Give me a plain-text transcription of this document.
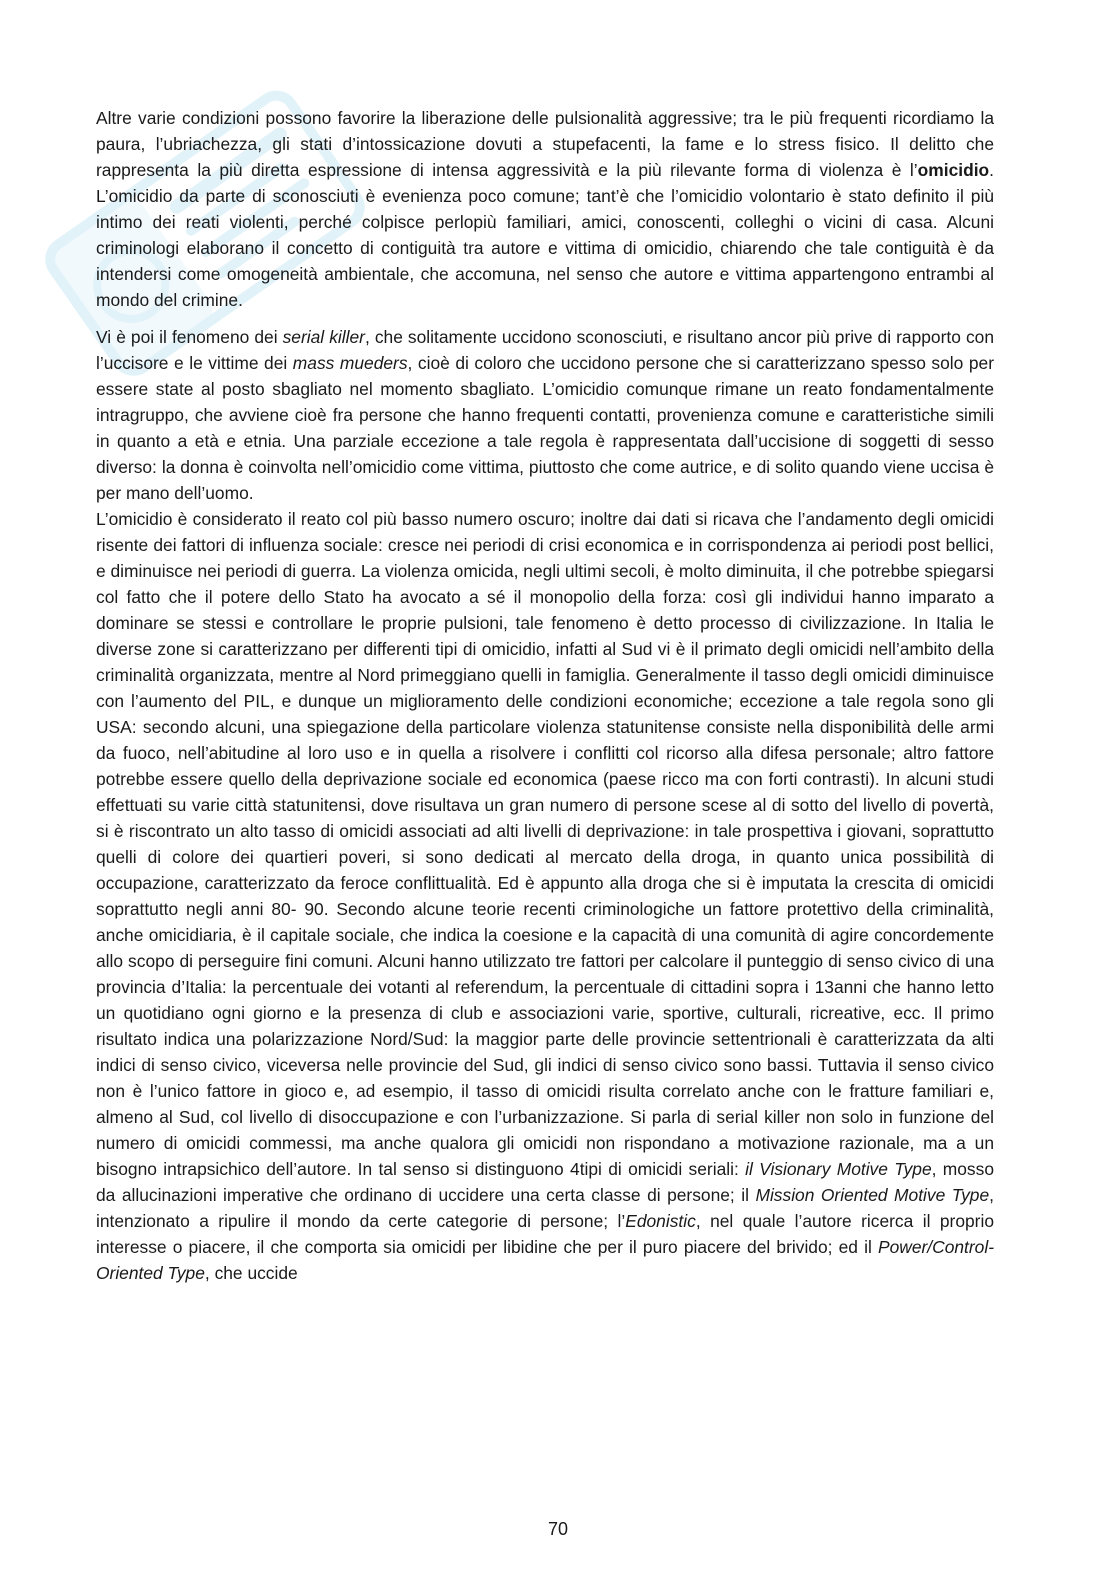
Altre varie condizioni possono favorire la liberazione delle pulsionalità aggressive; tra le più frequenti ricordiamo la paura, l’ubriachezza, gli stati d’intossicazione dovuti a stupefacenti, la fame e lo stress fisico. Il delitto che rappresenta la più diretta espressione di intensa aggressività e la più rilevante forma di violenza è l’omicidio. L’omicidio da parte di sconosciuti è evenienza poco comune; tant’è che l’omicidio volontario è stato definito il più intimo dei reati violenti, perché colpisce perlopiù familiari, amici, conoscenti, colleghi o vicini di casa. Alcuni criminologi elaborano il concetto di contiguità tra autore e vittima di omicidio, chiarendo che tale contiguità è da intendersi come omogeneità ambientale, che accomuna, nel senso che autore e vittima appartengono entrambi al mondo del crimine.

Vi è poi il fenomeno dei serial killer, che solitamente uccidono sconosciuti, e risultano ancor più prive di rapporto con l’uccisore e le vittime dei mass mueders, cioè di coloro che uccidono persone che si caratterizzano spesso solo per essere state al posto sbagliato nel momento sbagliato. L’omicidio comunque rimane un reato fondamentalmente intragruppo, che avviene cioè fra persone che hanno frequenti contatti, provenienza comune e caratteristiche simili in quanto a età e etnia. Una parziale eccezione a tale regola è rappresentata dall’uccisione di soggetti di sesso diverso: la donna è coinvolta nell’omicidio come vittima, piuttosto che come autrice, e di solito quando viene uccisa è per mano dell’uomo.

L’omicidio è considerato il reato col più basso numero oscuro; inoltre dai dati si ricava che l’andamento degli omicidi risente dei fattori di influenza sociale: cresce nei periodi di crisi economica e in corrispondenza ai periodi post bellici, e diminuisce nei periodi di guerra. La violenza omicida, negli ultimi secoli, è molto diminuita, il che potrebbe spiegarsi col fatto che il potere dello Stato ha avocato a sé il monopolio della forza: così gli individui hanno imparato a dominare se stessi e controllare le proprie pulsioni, tale fenomeno è detto processo di civilizzazione. In Italia le diverse zone si caratterizzano per differenti tipi di omicidio, infatti al Sud vi è il primato degli omicidi nell’ambito della criminalità organizzata, mentre al Nord primeggiano quelli in famiglia. Generalmente il tasso degli omicidi diminuisce con l’aumento del PIL, e dunque un miglioramento delle condizioni economiche; eccezione a tale regola sono gli USA: secondo alcuni, una spiegazione della particolare violenza statunitense consiste nella disponibilità delle armi da fuoco, nell’abitudine al loro uso e in quella a risolvere i conflitti col ricorso alla difesa personale; altro fattore potrebbe essere quello della deprivazione sociale ed economica (paese ricco ma con forti contrasti). In alcuni studi effettuati su varie città statunitensi, dove risultava un gran numero di persone scese al di sotto del livello di povertà, si è riscontrato un alto tasso di omicidi associati ad alti livelli di deprivazione: in tale prospettiva i giovani, soprattutto quelli di colore dei quartieri poveri, si sono dedicati al mercato della droga, in quanto unica possibilità di occupazione, caratterizzato da feroce conflittualità. Ed è appunto alla droga che si è imputata la crescita di omicidi soprattutto negli anni 80- 90. Secondo alcune teorie recenti criminologiche un fattore protettivo della criminalità, anche omicidiaria, è il capitale sociale, che indica la coesione e la capacità di una comunità di agire concordemente allo scopo di perseguire fini comuni. Alcuni hanno utilizzato tre fattori per calcolare il punteggio di senso civico di una provincia d’Italia: la percentuale dei votanti al referendum, la percentuale di cittadini sopra i 13anni che hanno letto un quotidiano ogni giorno e la presenza di club e associazioni varie, sportive, culturali, ricreative, ecc. Il primo risultato indica una polarizzazione Nord/Sud: la maggior parte delle provincie settentrionali è caratterizzata da alti indici di senso civico, viceversa nelle provincie del Sud, gli indici di senso civico sono bassi. Tuttavia il senso civico non è l’unico fattore in gioco e, ad esempio, il tasso di omicidi risulta correlato anche con le fratture familiari e, almeno al Sud, col livello di disoccupazione e con l’urbanizzazione. Si parla di serial killer non solo in funzione del numero di omicidi commessi, ma anche qualora gli omicidi non rispondano a motivazione razionale, ma a un bisogno intrapsichico dell’autore. In tal senso si distinguono 4tipi di omicidi seriali: il Visionary Motive Type, mosso da allucinazioni imperative che ordinano di uccidere una certa classe di persone; il Mission Oriented Motive Type, intenzionato a ripulire il mondo da certe categorie di persone; l’Edonistic, nel quale l’autore ricerca il proprio interesse o piacere, il che comporta sia omicidi per libidine che per il puro piacere del brivido; ed il Power/Control-Oriented Type, che uccide

70
